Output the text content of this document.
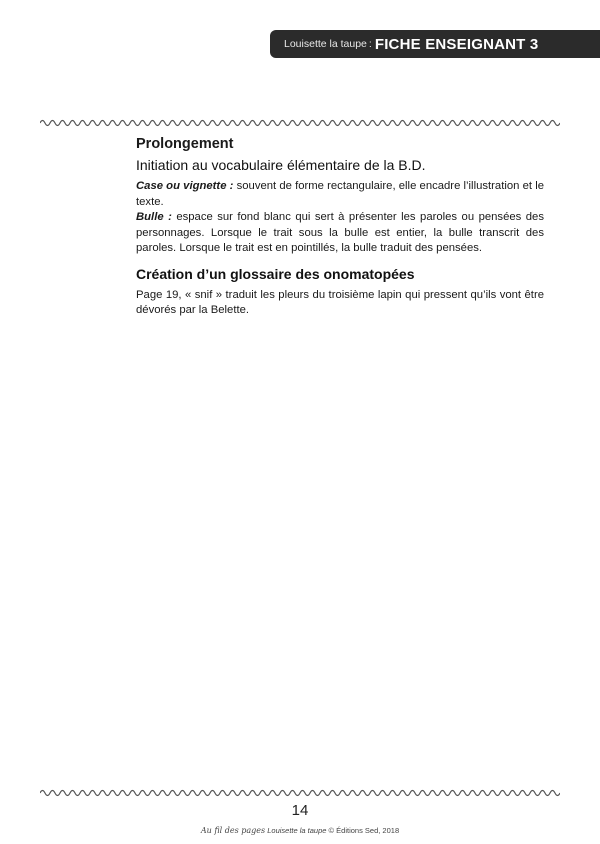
Louisette la taupe : FICHE ENSEIGNANT 3
Prolongement
Initiation au vocabulaire élémentaire de la B.D.

Case ou vignette : souvent de forme rectangulaire, elle encadre l’illustration et le texte.

Bulle : espace sur fond blanc qui sert à présenter les paroles ou pensées des personnages. Lorsque le trait sous la bulle est entier, la bulle transcrit des paroles. Lorsque le trait est en pointillés, la bulle traduit des pensées.

Création d’un glossaire des onomatopées

Page 19, « snif » traduit les pleurs du troisième lapin qui pressent qu’ils vont être dévorés par la Belette.

14
Au fil des pages Louisette la taupe © Éditions Sed, 2018
